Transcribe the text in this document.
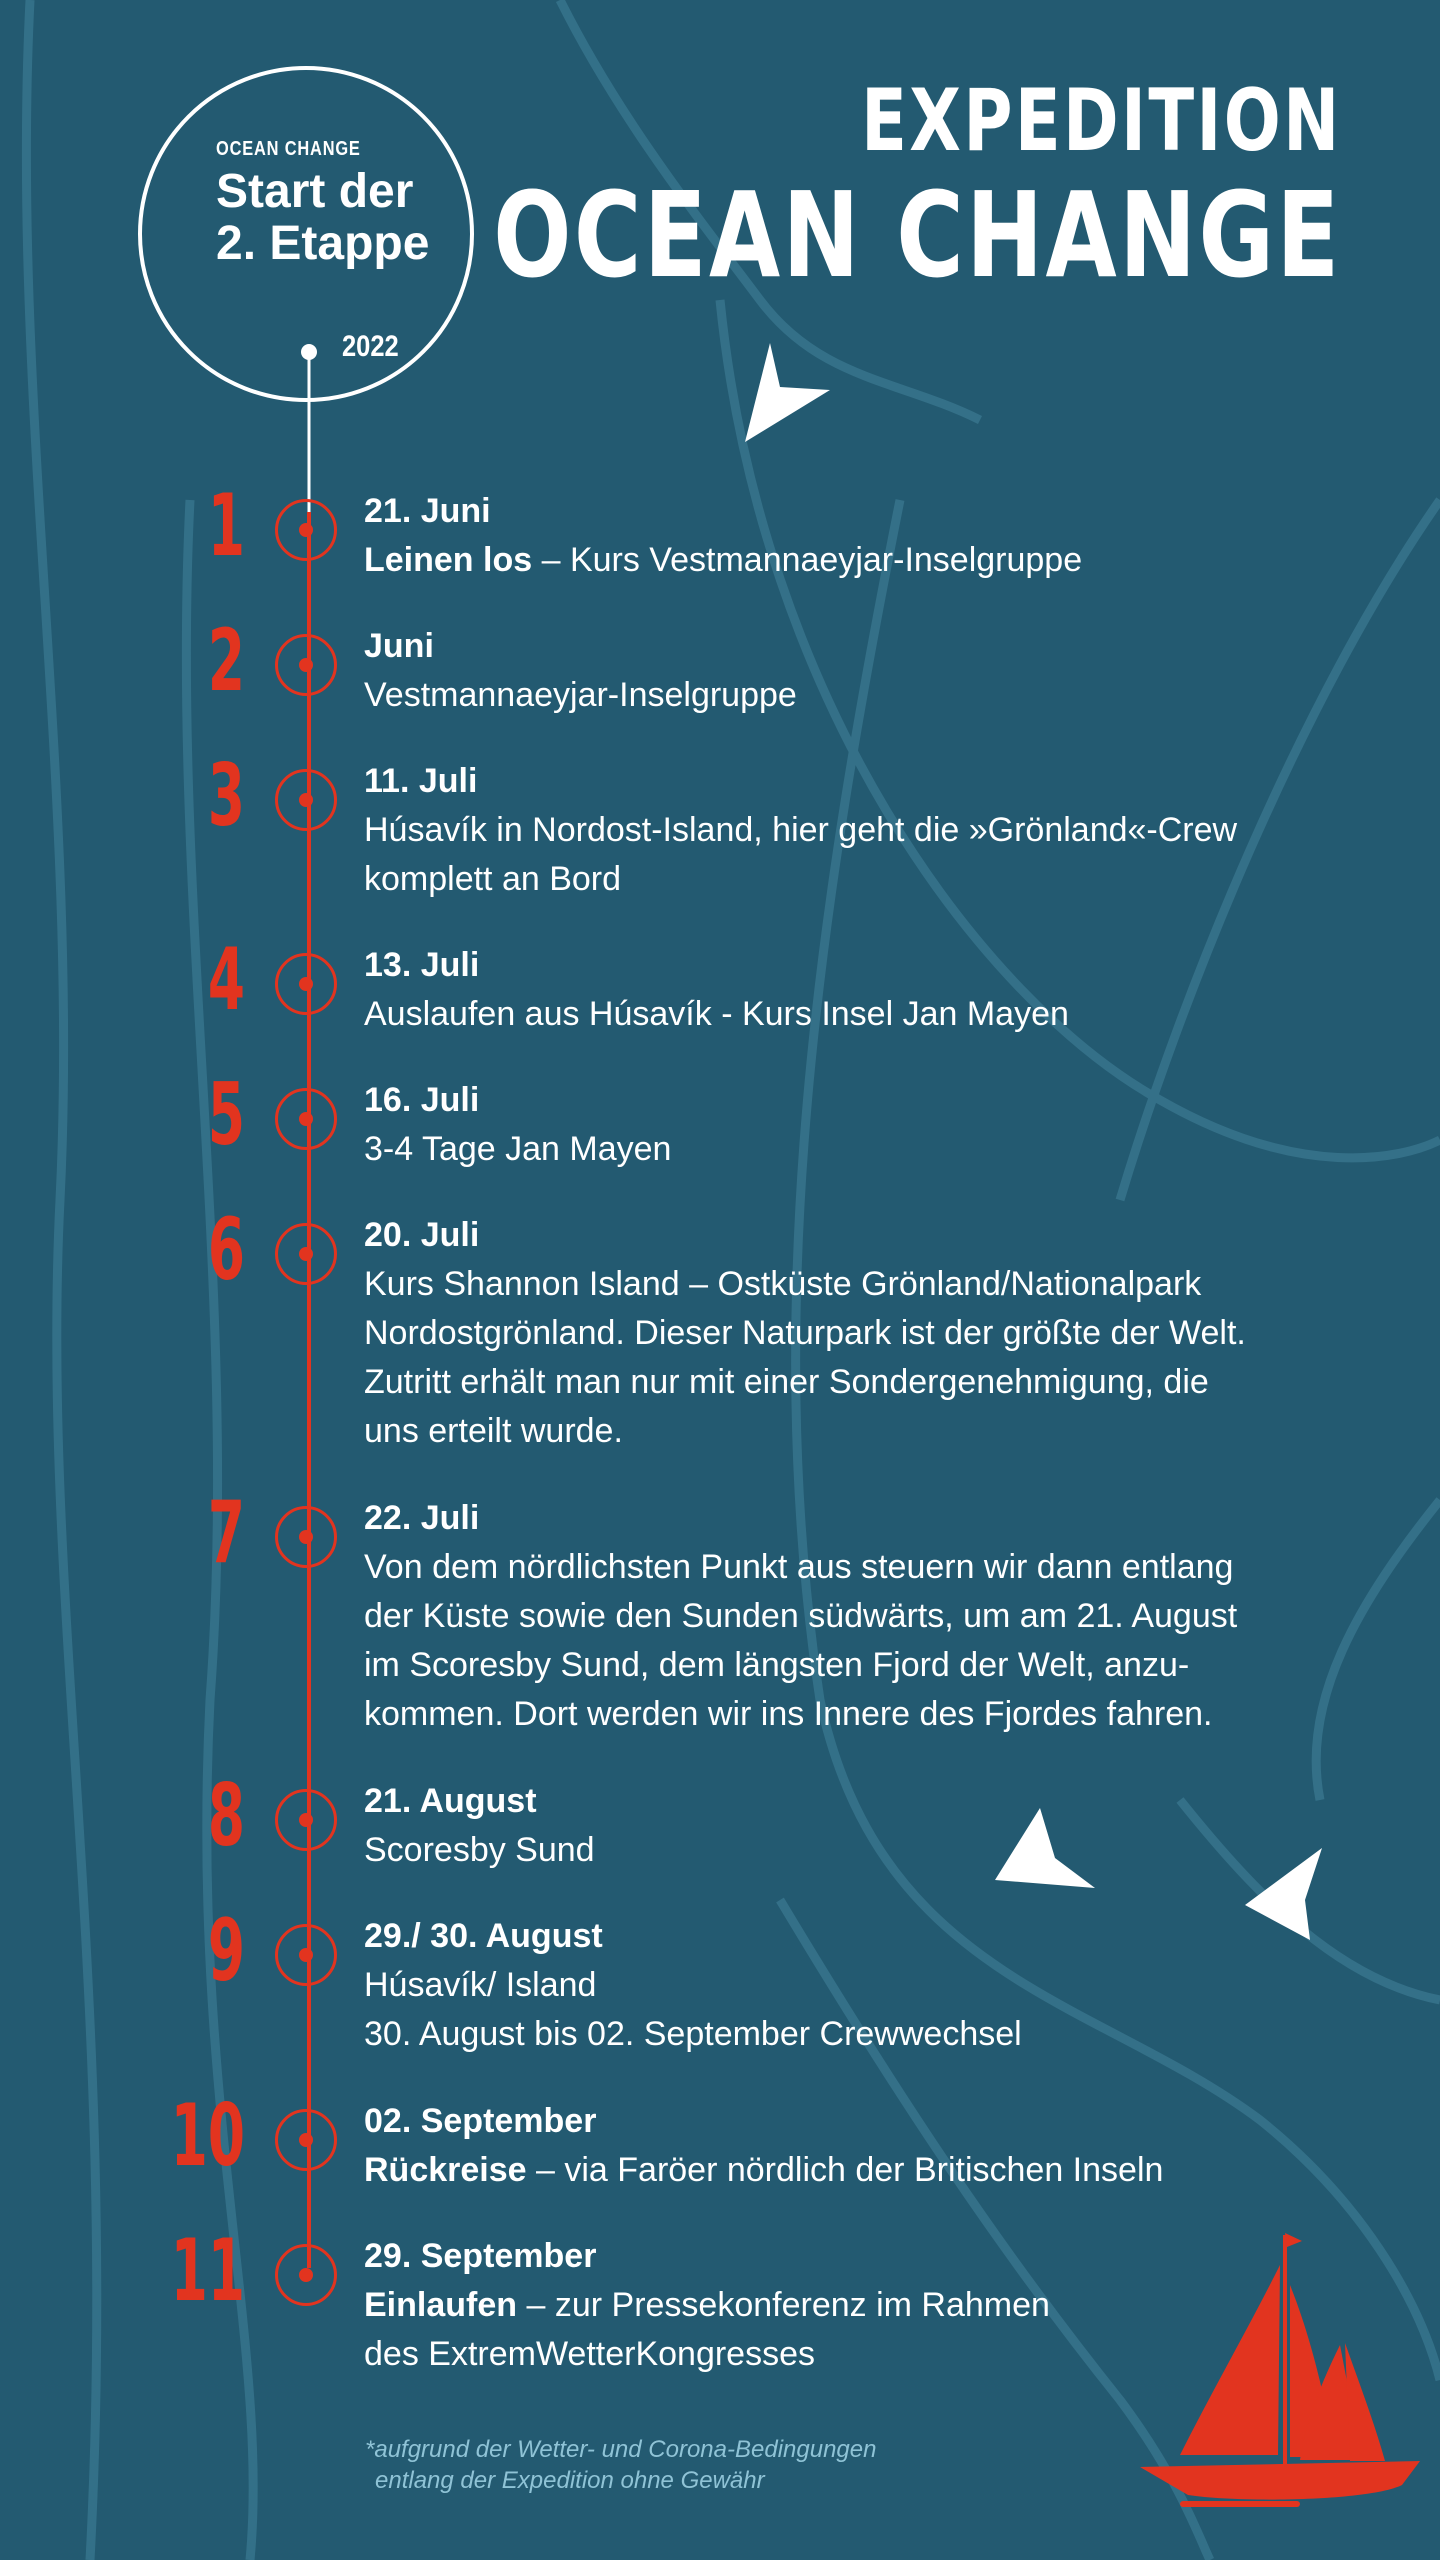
EXPEDITION
OCEAN CHANGE
OCEAN CHANGE
Start der 2. Etappe
2022
1	21. Juni
Leinen los – Kurs Vestmannaeyjar-Inselgruppe
2	Juni
Vestmannaeyjar-Inselgruppe
3	11. Juli
Húsavík in Nordost-Island, hier geht die »Grönland«-Crew
komplett an Bord
4	13. Juli
Auslaufen aus Húsavík - Kurs Insel Jan Mayen
5	16. Juli
3-4 Tage Jan Mayen
6	20. Juli
Kurs Shannon Island – Ostküste Grönland/Nationalpark
Nordostgrönland. Dieser Naturpark ist der größte der Welt.
Zutritt erhält man nur mit einer Sondergenehmigung, die
uns erteilt wurde.
7	22. Juli
Von dem nördlichsten Punkt aus steuern wir dann entlang
der Küste sowie den Sunden südwärts, um am 21. August
im Scoresby Sund, dem längsten Fjord der Welt, anzu-
kommen. Dort werden wir ins Innere des Fjordes fahren.
8	21. August
Scoresby Sund
9	29./ 30. August
Húsavík/ Island
30. August bis 02. September Crewwechsel
10	02. September
Rückreise – via Faröer nördlich der Britischen Inseln
11	29. September
Einlaufen – zur Pressekonferenz im Rahmen
des ExtremWetterKongresses
*aufgrund der Wetter- und Corona-Bedingungen
entlang der Expedition ohne Gewähr
